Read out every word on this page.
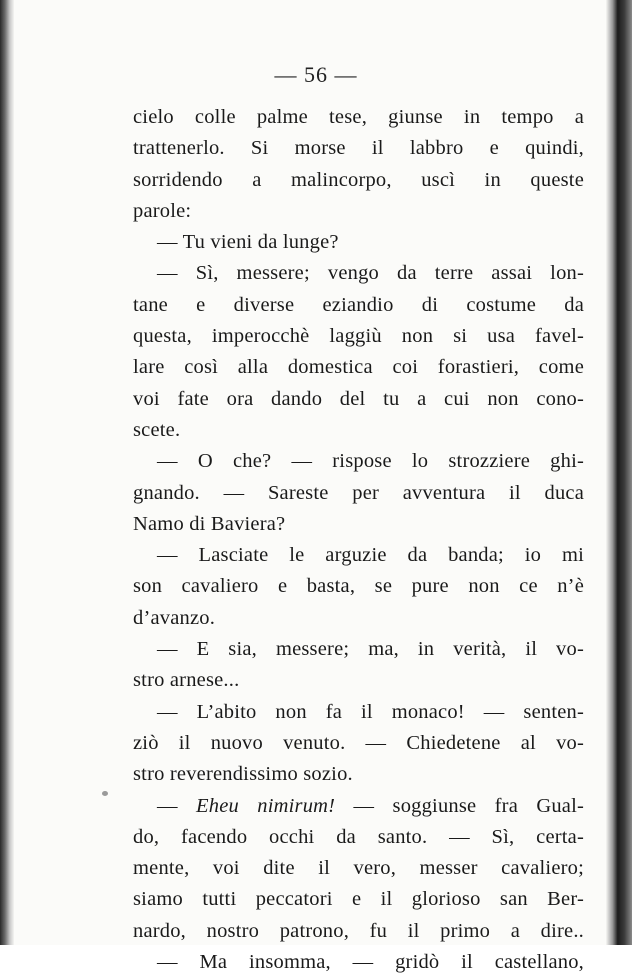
— 56 —
cielo colle palme tese, giunse in tempo a
trattenerlo. Si morse il labbro e quindi,
sorridendo a malincorpo, uscì in queste
parole:
— Tu vieni da lunge?
— Sì, messere; vengo da terre assai lon-
tane e diverse eziandio di costume da
questa, imperocchè laggiù non si usa favel-
lare così alla domestica coi forastieri, come
voi fate ora dando del tu a cui non cono-
scete.
— O che? — rispose lo strozziere ghi-
gnando. — Sareste per avventura il duca
Namo di Baviera?
— Lasciate le arguzie da banda; io mi
son cavaliero e basta, se pure non ce n’è
d’avanzo.
— E sia, messere; ma, in verità, il vo-
stro arnese...
— L’abito non fa il monaco! — senten-
ziò il nuovo venuto. — Chiedetene al vo-
stro reverendissimo sozio.
— Eheu nimirum! — soggiunse fra Gual-
do, facendo occhi da santo. — Sì, certa-
mente, voi dite il vero, messer cavaliero;
siamo tutti peccatori e il glorioso san Ber-
nardo, nostro patrono, fu il primo a dire..
— Ma insomma, — gridò il castellano,
